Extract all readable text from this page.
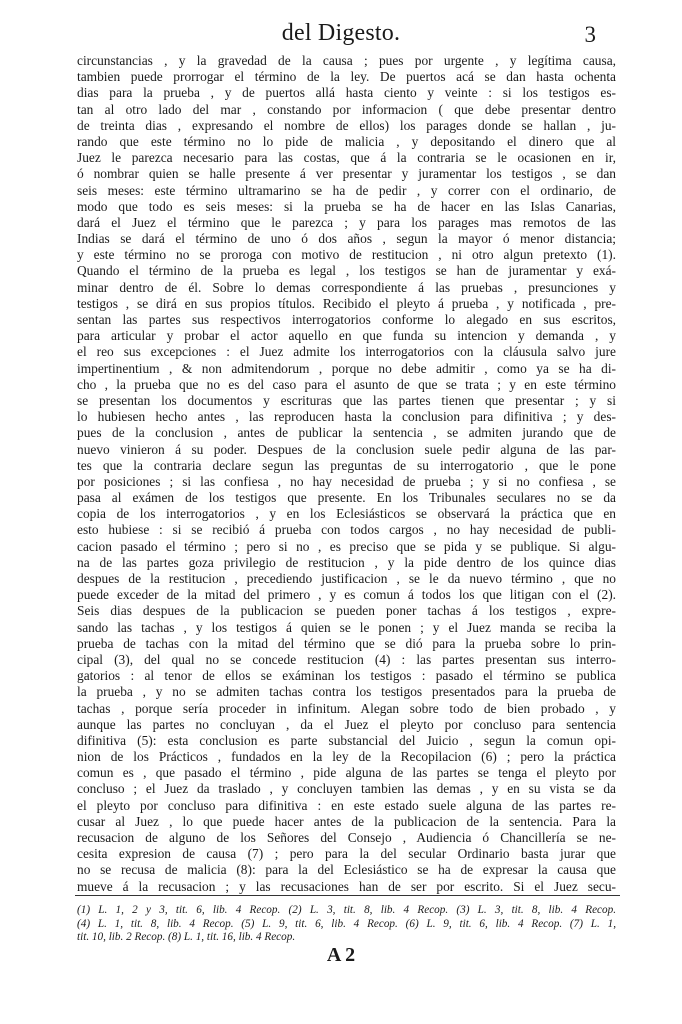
del Digesto.	3
circunstancias , y la gravedad de la causa ; pues por urgente , y legítima causa,
tambien puede prorrogar el término de la ley. De puertos acá se dan hasta ochenta
dias para la prueba , y de puertos allá hasta ciento y veinte : si los testigos es-
tan al otro lado del mar , constando por informacion ( que debe presentar dentro
de treinta dias , expresando el nombre de ellos) los parages donde se hallan , ju-
rando que este término no lo pide de malicia , y depositando el dinero que al
Juez le parezca necesario para las costas, que á la contraria se le ocasionen en ir,
ó nombrar quien se halle presente á ver presentar y juramentar los testigos , se dan
seis meses: este término ultramarino se ha de pedir , y correr con el ordinario, de
modo que todo es seis meses: si la prueba se ha de hacer en las Islas Canarias,
dará el Juez el término que le parezca ; y para los parages mas remotos de las
Indias se dará el término de uno ó dos años , segun la mayor ó menor distancia;
y este término no se proroga con motivo de restitucion , ni otro algun pretexto (1).
Quando el término de la prueba es legal , los testigos se han de juramentar y exá-
minar dentro de él. Sobre lo demas correspondiente á las pruebas , presunciones y
testigos , se dirá en sus propios títulos. Recibido el pleyto á prueba , y notificada , pre-
sentan las partes sus respectivos interrogatorios conforme lo alegado en sus escritos,
para articular y probar el actor aquello en que funda su intencion y demanda , y
el reo sus excepciones : el Juez admite los interrogatorios con la cláusula salvo jure
impertinentium , & non admitendorum , porque no debe admitir , como ya se ha di-
cho , la prueba que no es del caso para el asunto de que se trata ; y en este término
se presentan los documentos y escrituras que las partes tienen que presentar ; y si
lo hubiesen hecho antes , las reproducen hasta la conclusion para difinitiva ; y des-
pues de la conclusion , antes de publicar la sentencia , se admiten jurando que de
nuevo vinieron á su poder. Despues de la conclusion suele pedir alguna de las par-
tes que la contraria declare segun las preguntas de su interrogatorio , que le pone
por posiciones ; si las confiesa , no hay necesidad de prueba ; y si no confiesa , se
pasa al exámen de los testigos que presente. En los Tribunales seculares no se da
copia de los interrogatorios , y en los Eclesiásticos se observará la práctica que en
esto hubiese : si se recibió á prueba con todos cargos , no hay necesidad de publi-
cacion pasado el término ; pero si no , es preciso que se pida y se publique. Si algu-
na de las partes goza privilegio de restitucion , y la pide dentro de los quince dias
despues de la restitucion , precediendo justificacion , se le da nuevo término , que no
puede exceder de la mitad del primero , y es comun á todos los que litigan con el (2).
Seis dias despues de la publicacion se pueden poner tachas á los testigos , expre-
sando las tachas , y los testigos á quien se le ponen ; y el Juez manda se reciba la
prueba de tachas con la mitad del término que se dió para la prueba sobre lo prin-
cipal (3), del qual no se concede restitucion (4) : las partes presentan sus interro-
gatorios : al tenor de ellos se exáminan los testigos : pasado el término se publica
la prueba , y no se admiten tachas contra los testigos presentados para la prueba de
tachas , porque sería proceder in infinitum. Alegan sobre todo de bien probado , y
aunque las partes no concluyan , da el Juez el pleyto por concluso para sentencia
difinitiva (5): esta conclusion es parte substancial del Juicio , segun la comun opi-
nion de los Prácticos , fundados en la ley de la Recopilacion (6) ; pero la práctica
comun es , que pasado el término , pide alguna de las partes se tenga el pleyto por
concluso ; el Juez da traslado , y concluyen tambien las demas , y en su vista se da
el pleyto por concluso para difinitiva : en este estado suele alguna de las partes re-
cusar al Juez , lo que puede hacer antes de la publicacion de la sentencia. Para la
recusacion de alguno de los Señores del Consejo , Audiencia ó Chancillería se ne-
cesita expresion de causa (7) ; pero para la del secular Ordinario basta jurar que
no se recusa de malicia (8): para la del Eclesiástico se ha de expresar la causa que
mueve á la recusacion ; y las recusaciones han de ser por escrito. Si el Juez secu-
(1) L. 1, 2 y 3, tit. 6, lib. 4 Recop. (2) L. 3, tit. 8, lib. 4 Recop. (3) L. 3, tit. 8, lib. 4 Recop.
(4) L. 1, tit. 8, lib. 4 Recop. (5) L. 9, tit. 6, lib. 4 Recop. (6) L. 9, tit. 6, lib. 4 Recop. (7) L. 1,
tit. 10, lib. 2 Recop. (8) L. 1, tit. 16, lib. 4 Recop.
A 2
